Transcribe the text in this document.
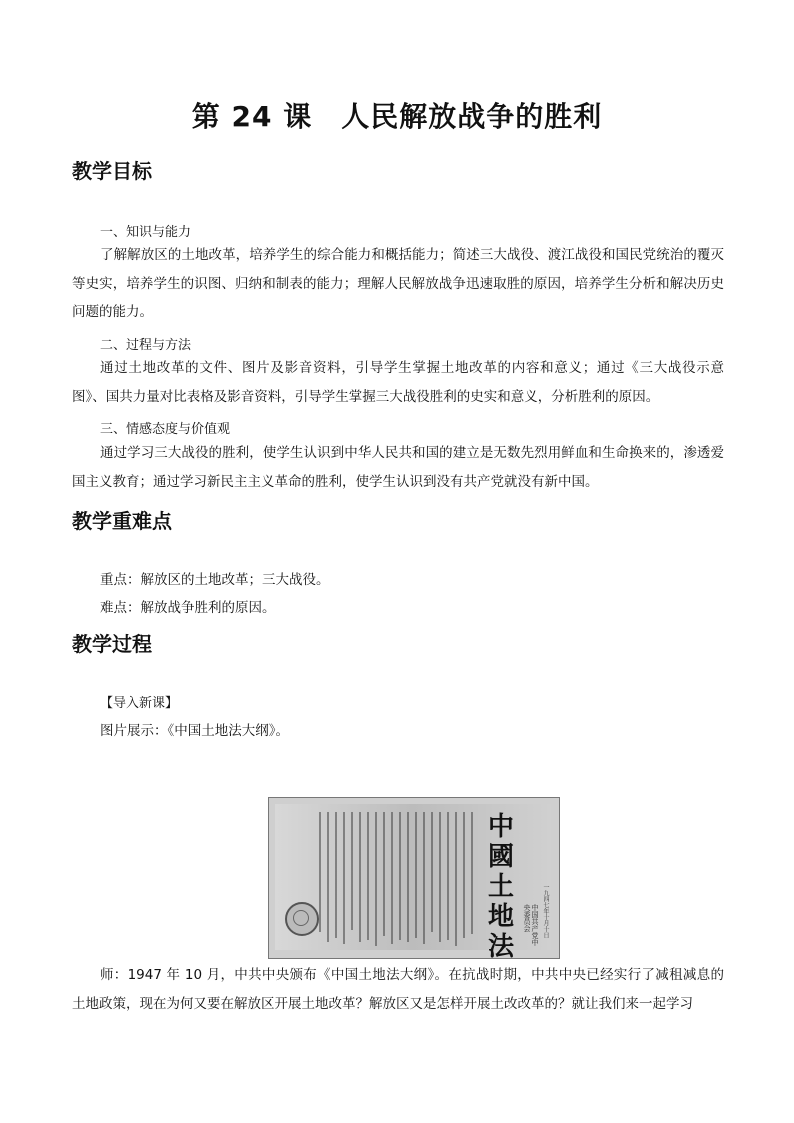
第 24 课　人民解放战争的胜利
教学目标
一、知识与能力

了解解放区的土地改革，培养学生的综合能力和概括能力；简述三大战役、渡江战役和国民党统治的覆灭等史实，培养学生的识图、归纳和制表的能力；理解人民解放战争迅速取胜的原因，培养学生分析和解决历史问题的能力。

二、过程与方法

通过土地改革的文件、图片及影音资料，引导学生掌握土地改革的内容和意义；通过《三大战役示意图》、国共力量对比表格及影音资料，引导学生掌握三大战役胜利的史实和意义，分析胜利的原因。

三、情感态度与价值观

通过学习三大战役的胜利，使学生认识到中华人民共和国的建立是无数先烈用鲜血和生命换来的，渗透爱国主义教育；通过学习新民主主义革命的胜利，使学生认识到没有共产党就没有新中国。

教学重难点
重点：解放区的土地改革；三大战役。
难点：解放战争胜利的原因。
教学过程
【导入新课】
图片展示：《中国土地法大纲》。
中國土地法
中国共产党中央委员会	一九四七年十月十日

师：1947 年 10 月，中共中央颁布《中国土地法大纲》。在抗战时期，中共中央已经实行了减租减息的土地政策，现在为何又要在解放区开展土地改革？解放区又是怎样开展土改改革的？就让我们来一起学习
